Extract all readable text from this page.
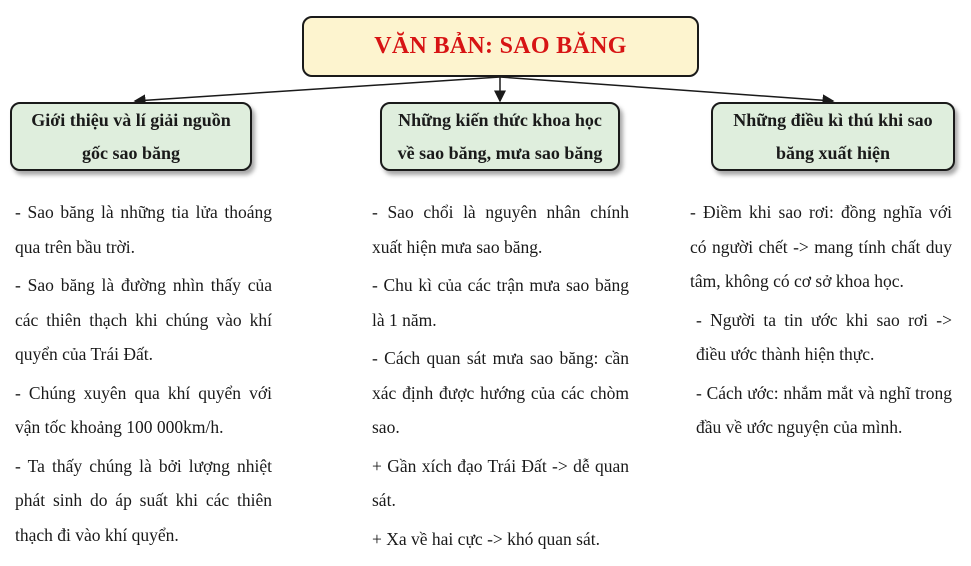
VĂN BẢN: SAO BĂNG
Giới thiệu và lí giải nguồn gốc sao băng
Những kiến thức khoa học về sao băng, mưa sao băng
Những điều kì thú khi sao băng xuất hiện

- Sao băng là những tia lửa thoáng qua trên bầu trời.

- Sao băng là đường nhìn thấy của các thiên thạch khi chúng vào khí quyển của Trái Đất.

- Chúng xuyên qua khí quyển với vận tốc khoảng 100 000km/h.

- Ta thấy chúng là bởi lượng nhiệt phát sinh do áp suất khi các thiên thạch đi vào khí quyển.

- Sao chổi là nguyên nhân chính xuất hiện mưa sao băng.

- Chu kì của các trận mưa sao băng là 1 năm.

- Cách quan sát mưa sao băng: cần xác định được hướng của các chòm sao.

+ Gần xích đạo Trái Đất -> dễ quan sát.

+ Xa về hai cực -> khó quan sát.

- Điềm khi sao rơi: đồng nghĩa với có người chết -> mang tính chất duy tâm, không có cơ sở khoa học.

- Người ta tin ước khi sao rơi -> điều ước thành hiện thực.

- Cách ước: nhắm mắt và nghĩ trong đầu về ước nguyện của mình.
